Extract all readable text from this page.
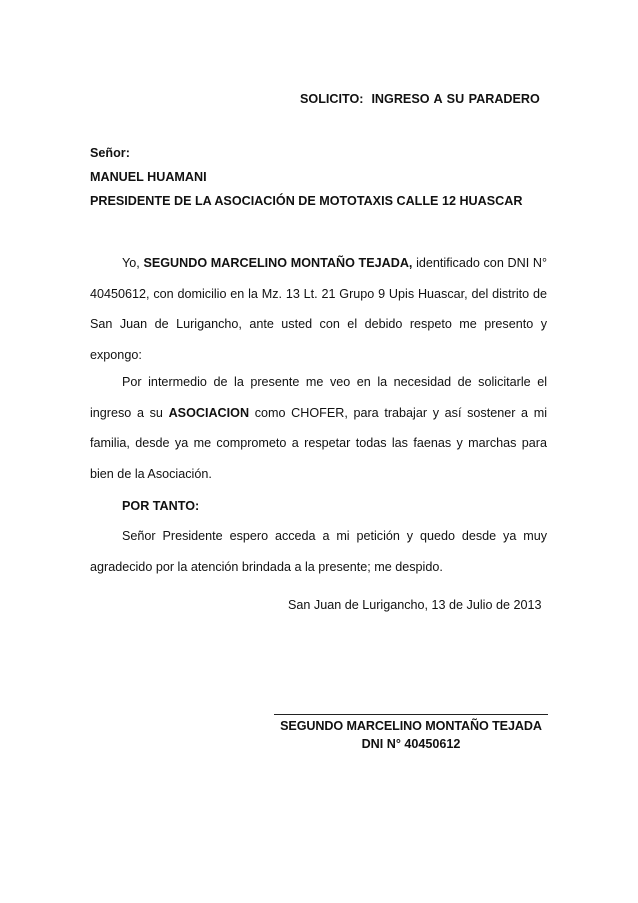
SOLICITO: INGRESO A SU PARADERO
Señor:
MANUEL HUAMANI
PRESIDENTE DE LA ASOCIACIÓN DE MOTOTAXIS CALLE 12 HUASCAR
Yo, SEGUNDO MARCELINO MONTAÑO TEJADA, identificado con DNI N° 40450612, con domicilio en la Mz. 13 Lt. 21 Grupo 9 Upis Huascar, del distrito de San Juan de Lurigancho, ante usted con el debido respeto me presento y expongo:
Por intermedio de la presente me veo en la necesidad de solicitarle el ingreso a su ASOCIACION como CHOFER, para trabajar y así sostener a mi familia, desde ya me comprometo a respetar todas las faenas y marchas para bien de la Asociación.
POR TANTO:
Señor Presidente espero acceda a mi petición y quedo desde ya muy agradecido por la atención brindada a la presente; me despido.
San Juan de Lurigancho, 13 de Julio de 2013
SEGUNDO MARCELINO MONTAÑO TEJADA
DNI N° 40450612
